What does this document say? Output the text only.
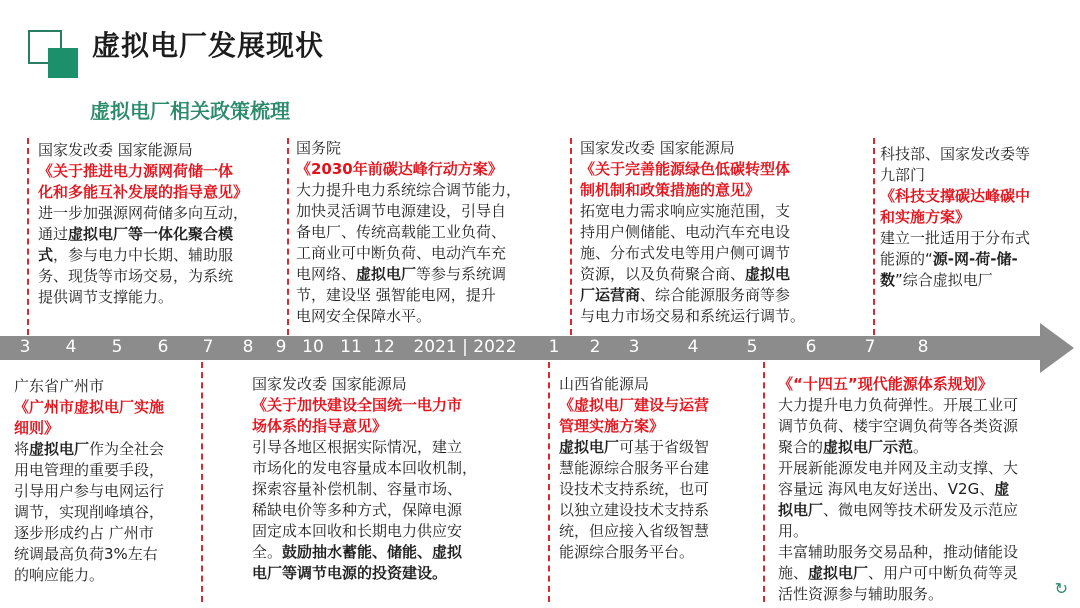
虚拟电厂发展现状
虚拟电厂相关政策梳理
3 4 5 6 7 8 9 10 11 12 2021 | 2022 1 2 3	4	5	6	7 8
国家发改委 国家能源局
《关于推进电力源网荷储一体
化和多能互补发展的指导意见》
进一步加强源网荷储多向互动，
通过虚拟电厂等一体化聚合模
式，参与电力中长期、辅助服
务、现货等市场交易，为系统
提供调节支撑能力。
国务院
《2030年前碳达峰行动方案》
大力提升电力系统综合调节能力，
加快灵活调节电源建设，引导自
备电厂、传统高载能工业负荷、
工商业可中断负荷、电动汽车充
电网络、虚拟电厂等参与系统调
节，建设坚 强智能电网，提升
电网安全保障水平。
国家发改委 国家能源局
《关于完善能源绿色低碳转型体
制机制和政策措施的意见》
拓宽电力需求响应实施范围，支
持用户侧储能、电动汽车充电设
施、分布式发电等用户侧可调节
资源，以及负荷聚合商、虚拟电
厂运营商、综合能源服务商等参
与电力市场交易和系统运行调节。
科技部、国家发改委等
九部门
《科技支撑碳达峰碳中
和实施方案》
建立一批适用于分布式
能源的“源-网-荷-储-
数”综合虚拟电厂
广东省广州市
《广州市虚拟电厂实施
细则》
将虚拟电厂作为全社会
用电管理的重要手段，
引导用户参与电网运行
调节，实现削峰填谷，
逐步形成约占 广州市
统调最高负荷3%左右
的响应能力。
国家发改委 国家能源局
《关于加快建设全国统一电力市
场体系的指导意见》
引导各地区根据实际情况，建立
市场化的发电容量成本回收机制，
探索容量补偿机制、容量市场、
稀缺电价等多种方式，保障电源
固定成本回收和长期电力供应安
全。鼓励抽水蓄能、储能、虚拟
电厂等调节电源的投资建设。
山西省能源局
《虚拟电厂建设与运营
管理实施方案》
虚拟电厂可基于省级智
慧能源综合服务平台建
设技术支持系统，也可
以独立建设技术支持系
统，但应接入省级智慧
能源综合服务平台。
《“十四五”现代能源体系规划》
大力提升电力负荷弹性。开展工业可
调节负荷、楼宇空调负荷等各类资源
聚合的虚拟电厂示范。
开展新能源发电并网及主动支撑、大
容量远 海风电友好送出、V2G、虚
拟电厂、微电网等技术研发及示范应
用。
丰富辅助服务交易品种，推动储能设
施、虚拟电厂、用户可中断负荷等灵
活性资源参与辅助服务。	↻
